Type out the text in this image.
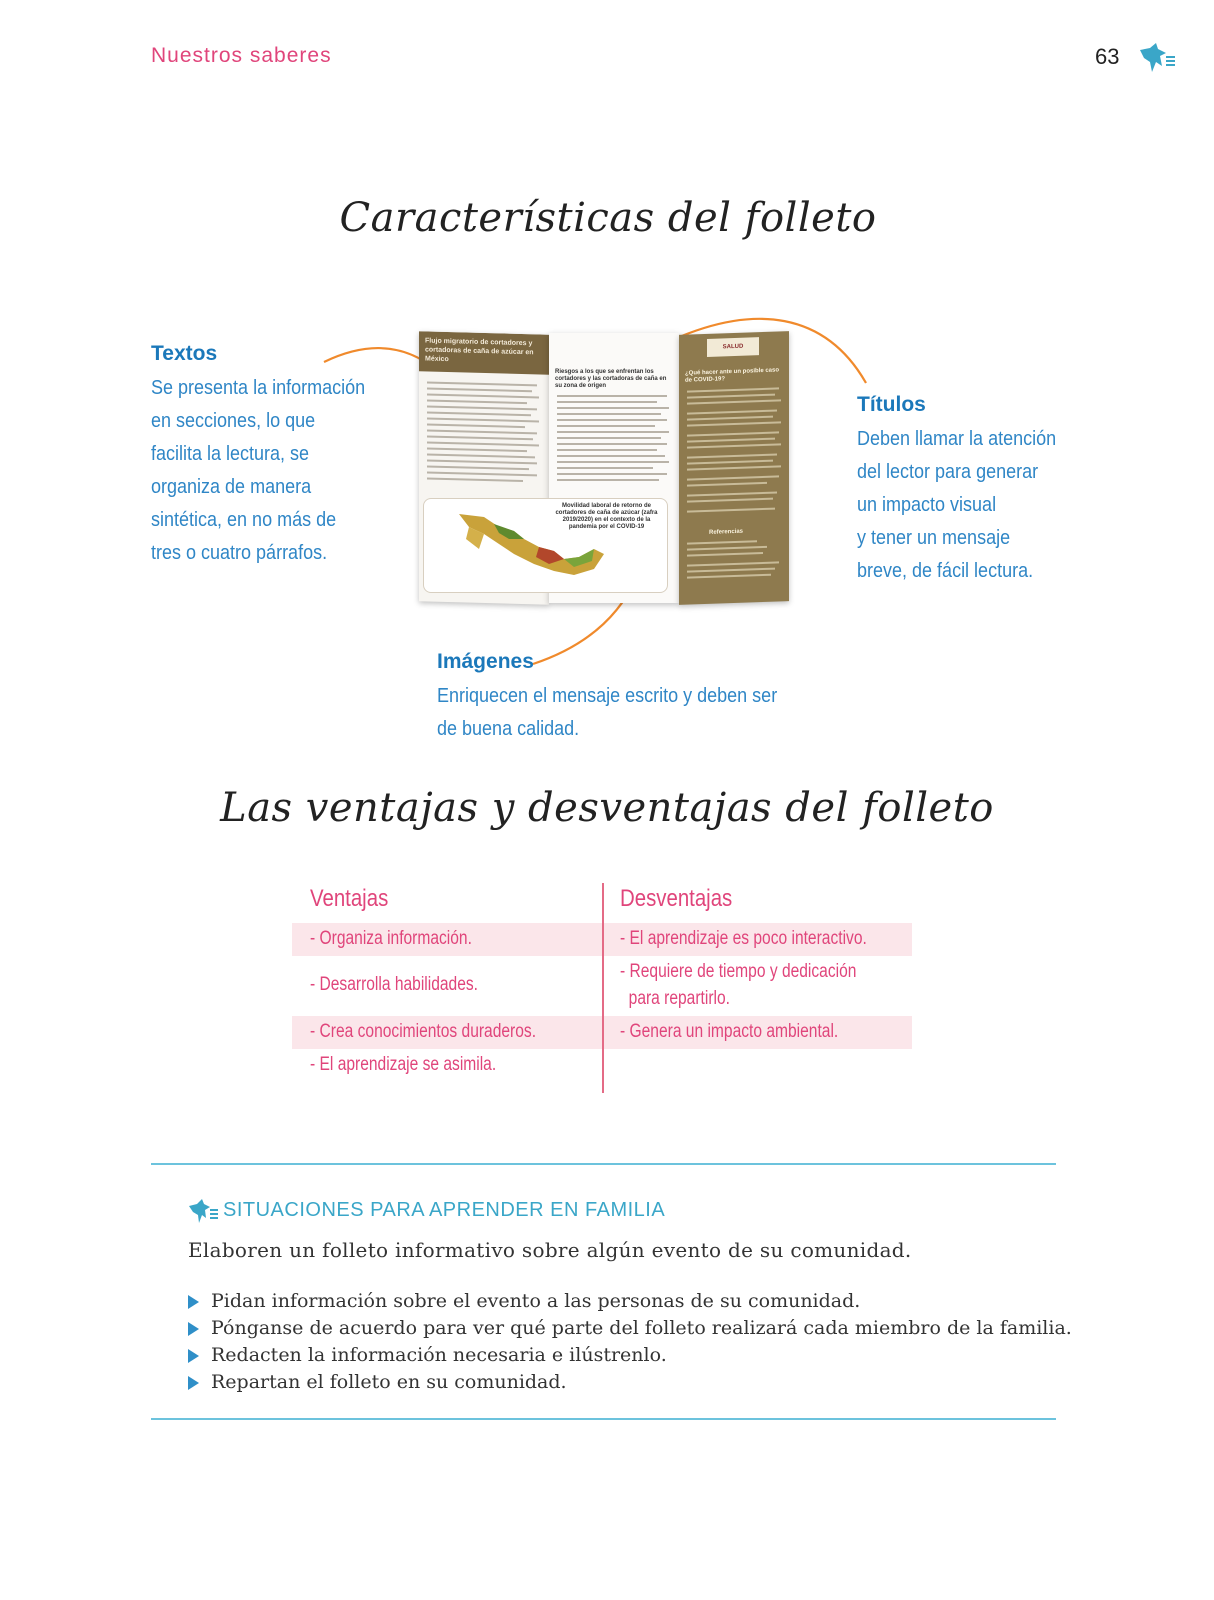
Nuestros saberes	63
Características del folleto
Textos
Se presenta la información
en secciones, lo que
facilita la lectura, se
organiza de manera
sintética, en no más de
tres o cuatro párrafos.
Títulos
Deben llamar la atención
del lector para generar
un impacto visual
y tener un mensaje
breve, de fácil lectura.
Imágenes
Enriquecen el mensaje escrito y deben ser
de buena calidad.
Flujo migratorio de cortadores y cortadoras de caña de azúcar en México
Riesgos a los que se enfrentan los cortadores y las cortadoras de caña en su zona de origen
Movilidad laboral de retorno de cortadores de caña de azúcar (zafra 2019/2020) en el contexto de la pandemia por el COVID-19
SALUD
¿Qué hacer ante un posible caso de COVID-19?
Referencias
Las ventajas y desventajas del folleto
Ventajas	Desventajas
- Organiza información.
- Desarrolla habilidades.
- Crea conocimientos duraderos.
- El aprendizaje se asimila.
- El aprendizaje es poco interactivo.
- Requiere de tiempo y dedicación
para repartirlo.
- Genera un impacto ambiental.
SITUACIONES PARA APRENDER EN FAMILIA
Elaboren un folleto informativo sobre algún evento de su comunidad.
Pidan información sobre el evento a las personas de su comunidad.
Pónganse de acuerdo para ver qué parte del folleto realizará cada miembro de la familia.
Redacten la información necesaria e ilústrenlo.
Repartan el folleto en su comunidad.
